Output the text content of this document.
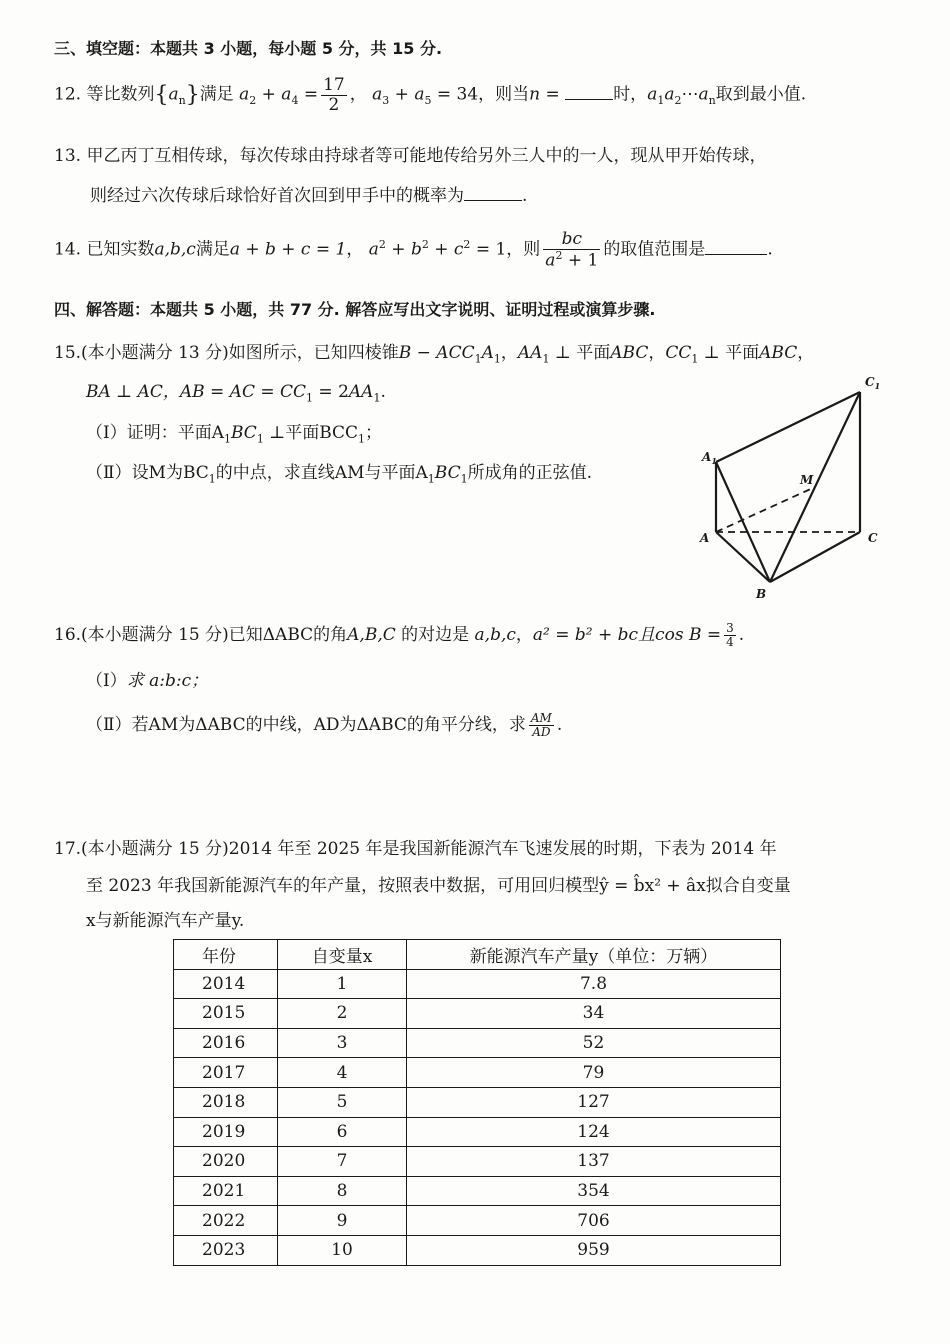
三、填空题：本题共 3 小题，每小题 5 分，共 15 分.
12. 等比数列$\{a_n\}$满足 $a_2 + a_4 = \frac{17}{2}$ ， $a_3 + a_5 = 34$，则当n =	时，$a_1a_2\cdots a_n$取到最小值.
13. 甲乙丙丁互相传球，每次传球由持球者等可能地传给另外三人中的一人，现从甲开始传球，
则经过六次传球后球恰好首次回到甲手中的概率为	.
14. 已知实数a,b,c满足a + b + c = 1， $a^2 + b^2 + c^2 = 1$，则 $\frac{bc}{a^2 + 1}$ 的取值范围是	.
四、解答题：本题共 5 小题，共 77 分. 解答应写出文字说明、证明过程或演算步骤.
15.(本小题满分 13 分)如图所示，已知四棱锥$B - ACC_1A_1$，$AA_1$ ⊥ 平面ABC，$CC_1$ ⊥ 平面ABC，
BA ⊥ AC，AB = AC = $CC_1 = 2AA_1$.
（Ⅰ）证明：平面$A_1BC_1$ ⊥平面$BCC_1$；
（Ⅱ）设M为$BC_1$的中点，求直线AM与平面$A_1BC_1$所成角的正弦值.
$C_1$
$A_1$
M
A	C
B
16.(本小题满分 15 分)已知ΔABC的角A,B,C 的对边是 a,b,c，a² = b² + bc且$\cos B = \frac{3}{4}$ .
（Ⅰ）求 a:b:c；
（Ⅱ）若AM为ΔABC的中线，AD为ΔABC的角平分线，求 $\frac{AM}{AD}$ .
17.(本小题满分 15 分)2014 年至 2025 年是我国新能源汽车飞速发展的时期，下表为 2014 年
至 2023 年我国新能源汽车的年产量，按照表中数据，可用回归模型ŷ = b̂x² + âx拟合自变量
x与新能源汽车产量y.
年份	自变量x	新能源汽车产量y（单位：万辆）
2014	1	7.8
2015	2	34
2016	3	52
2017	4	79
2018	5	127
2019	6	124
2020	7	137
2021	8	354
2022	9	706
2023	10	959
